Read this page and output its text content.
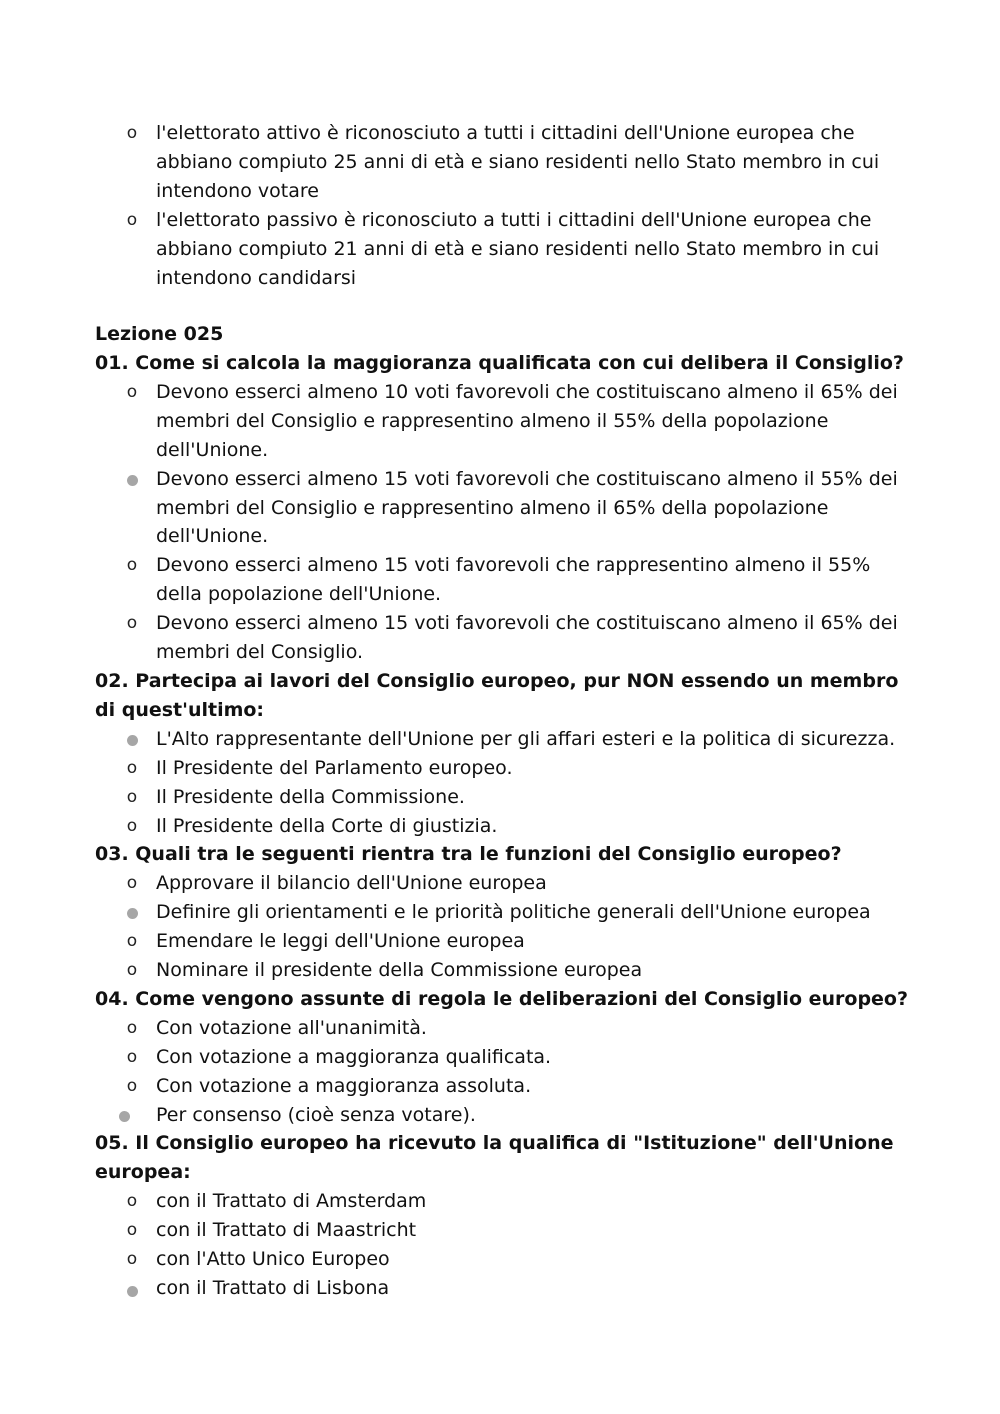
o l'elettorato attivo è riconosciuto a tutti i cittadini dell'Unione europea che abbiano compiuto 25 anni di età e siano residenti nello Stato membro in cui intendono votare
o l'elettorato passivo è riconosciuto a tutti i cittadini dell'Unione europea che abbiano compiuto 21 anni di età e siano residenti nello Stato membro in cui intendono candidarsi
Lezione 025
01. Come si calcola la maggioranza qualificata con cui delibera il Consiglio?
o Devono esserci almeno 10 voti favorevoli che costituiscano almeno il 65% dei membri del Consiglio e rappresentino almeno il 55% della popolazione dell'Unione.
Devono esserci almeno 15 voti favorevoli che costituiscano almeno il 55% dei membri del Consiglio e rappresentino almeno il 65% della popolazione dell'Unione.
o Devono esserci almeno 15 voti favorevoli che rappresentino almeno il 55% della popolazione dell'Unione.
o Devono esserci almeno 15 voti favorevoli che costituiscano almeno il 65% dei membri del Consiglio.
02. Partecipa ai lavori del Consiglio europeo, pur NON essendo un membro di quest'ultimo:
L'Alto rappresentante dell'Unione per gli affari esteri e la politica di sicurezza.
o Il Presidente del Parlamento europeo.
o Il Presidente della Commissione.
o Il Presidente della Corte di giustizia.
03. Quali tra le seguenti rientra tra le funzioni del Consiglio europeo?
o Approvare il bilancio dell'Unione europea
Definire gli orientamenti e le priorità politiche generali dell'Unione europea
o Emendare le leggi dell'Unione europea
o Nominare il presidente della Commissione europea
04. Come vengono assunte di regola le deliberazioni del Consiglio europeo?
o Con votazione all'unanimità.
o Con votazione a maggioranza qualificata.
o Con votazione a maggioranza assoluta.
Per consenso (cioè senza votare).
05. Il Consiglio europeo ha ricevuto la qualifica di "Istituzione" dell'Unione europea:
o con il Trattato di Amsterdam
o con il Trattato di Maastricht
o con l'Atto Unico Europeo
con il Trattato di Lisbona
